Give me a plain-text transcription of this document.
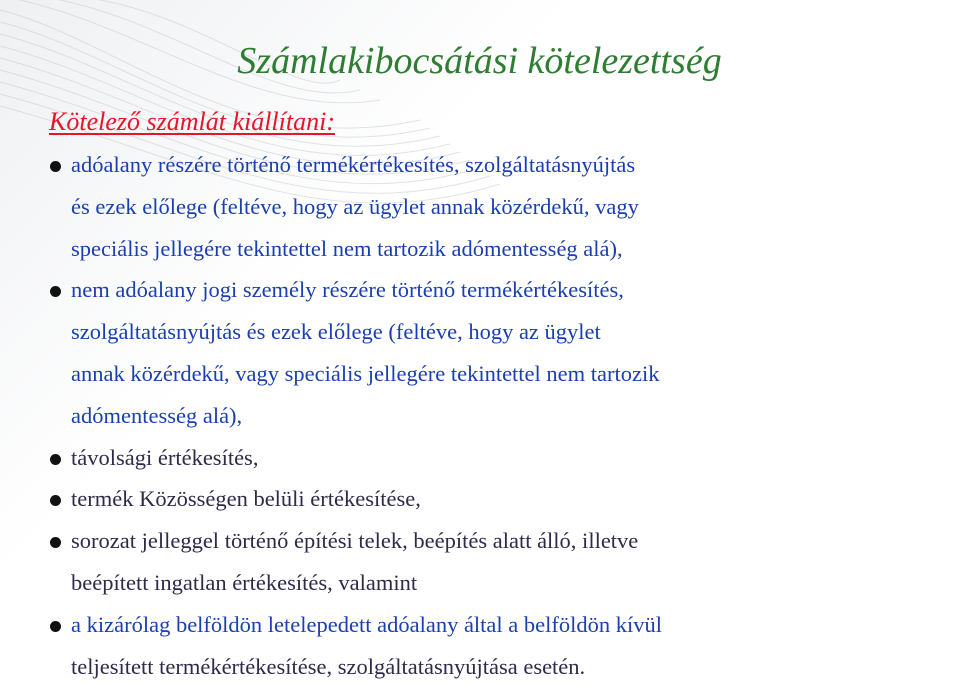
Számlakibocsátási kötelezettség
Kötelező számlát kiállítani:
adóalany részére történő termékértékesítés, szolgáltatásnyújtás
és ezek előlege (feltéve, hogy az ügylet annak közérdekű, vagy
speciális jellegére tekintettel nem tartozik adómentesség alá),
nem adóalany jogi személy részére történő termékértékesítés,
szolgáltatásnyújtás és ezek előlege (feltéve, hogy az ügylet
annak közérdekű, vagy speciális jellegére tekintettel nem tartozik
adómentesség alá),
távolsági értékesítés,
termék Közösségen belüli értékesítése,
sorozat jelleggel történő építési telek, beépítés alatt álló, illetve
beépített ingatlan értékesítés, valamint
a kizárólag belföldön letelepedett adóalany által a belföldön kívül
teljesített termékértékesítése, szolgáltatásnyújtása esetén.
